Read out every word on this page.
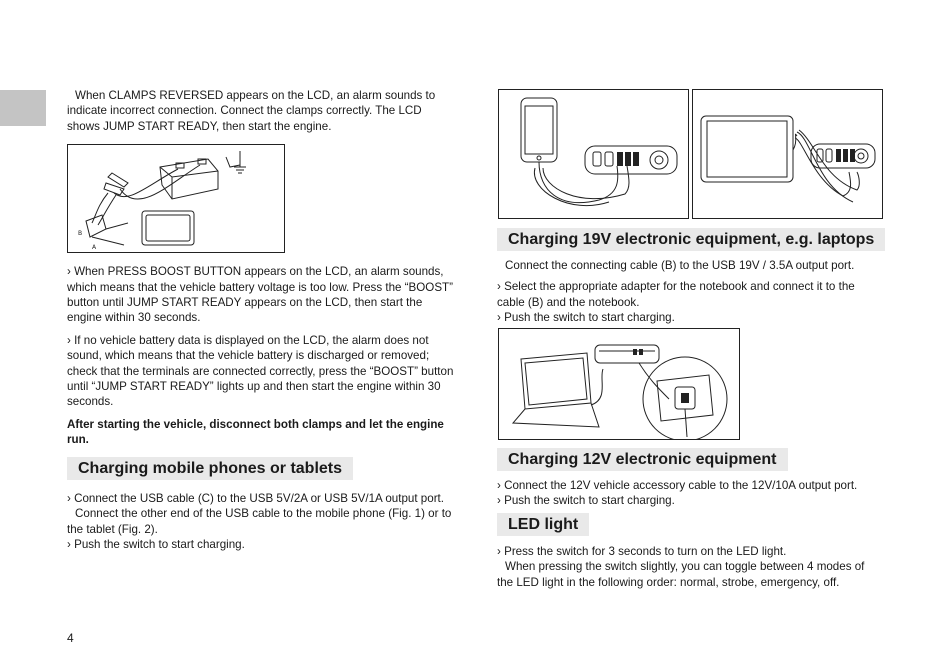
When CLAMPS REVERSED appears on the LCD, an alarm sounds to indicate incorrect connection. Connect the clamps correctly. The LCD shows JUMP START READY, then start the engine.

› When PRESS BOOST BUTTON appears on the LCD, an alarm sounds, which means that the vehicle battery voltage is too low. Press the “BOOST” button until JUMP START READY appears on the LCD, then start the engine within 30 seconds.

› If no vehicle battery data is displayed on the LCD, the alarm does not sound, which means that the vehicle battery is discharged or removed; check that the terminals are connected correctly, press the “BOOST” button until “JUMP START READY” lights up and then start the engine within 30 seconds.

After starting the vehicle, disconnect both clamps and let the engine run.

Charging mobile phones or tablets

› Connect the USB cable (C) to the USB 5V/2A or USB 5V/1A output port.

Connect the other end of the USB cable to the mobile phone (Fig. 1) or to the tablet (Fig. 2).

› Push the switch to start charging.

B
A	Charging 19V electronic equipment, e.g. laptops

Connect the connecting cable (B) to the USB 19V / 3.5A output port.

› Select the appropriate adapter for the notebook and connect it to the cable (B) and the notebook.

› Push the switch to start charging.

Charging 12V electronic equipment

› Connect the 12V vehicle accessory cable to the 12V/10A output port.

› Push the switch to start charging.

LED light

› Press the switch for 3 seconds to turn on the LED light.

When pressing the switch slightly, you can toggle between 4 modes of the LED light in the following order: normal, strobe, emergency, off.

4
